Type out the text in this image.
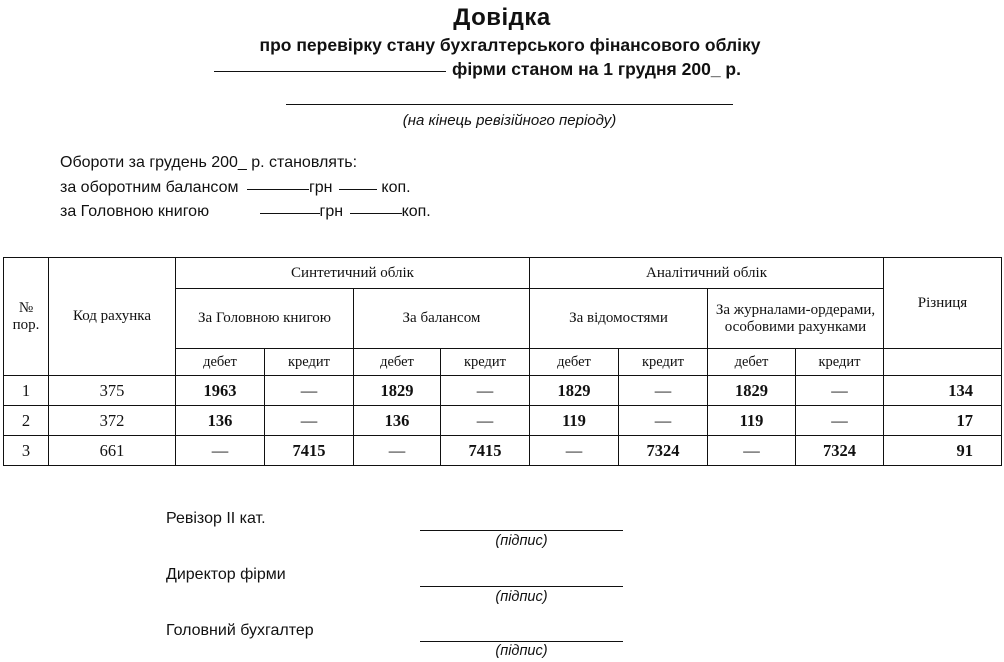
Довідка
про перевірку стану бухгалтерського фінансового обліку
фірми станом на 1 грудня 200_ р.
(на кінець ревізійного періоду)
Обороти за грудень 200_ р. становлять:
за оборотним балансом	грн	коп.
за Головною книгою	грн	коп.
№ пор.	Код рахунка	Синтетичний облік				Аналітичний облік				Різниця
		За Головною книгою		За балансом		За відомостями		За журналами-ордерами, особовими рахунками		
		дебет	кредит	дебет	кредит	дебет	кредит	дебет	кредит	
1	375	1963	—	1829	—	1829	—	1829	—	134
2	372	136	—	136	—	119	—	119	—	17
3	661	—	7415	—	7415	—	7324	—	7324	91
Ревізор ІІ кат.
(підпис)
Директор фірми
(підпис)
Головний бухгалтер
(підпис)
